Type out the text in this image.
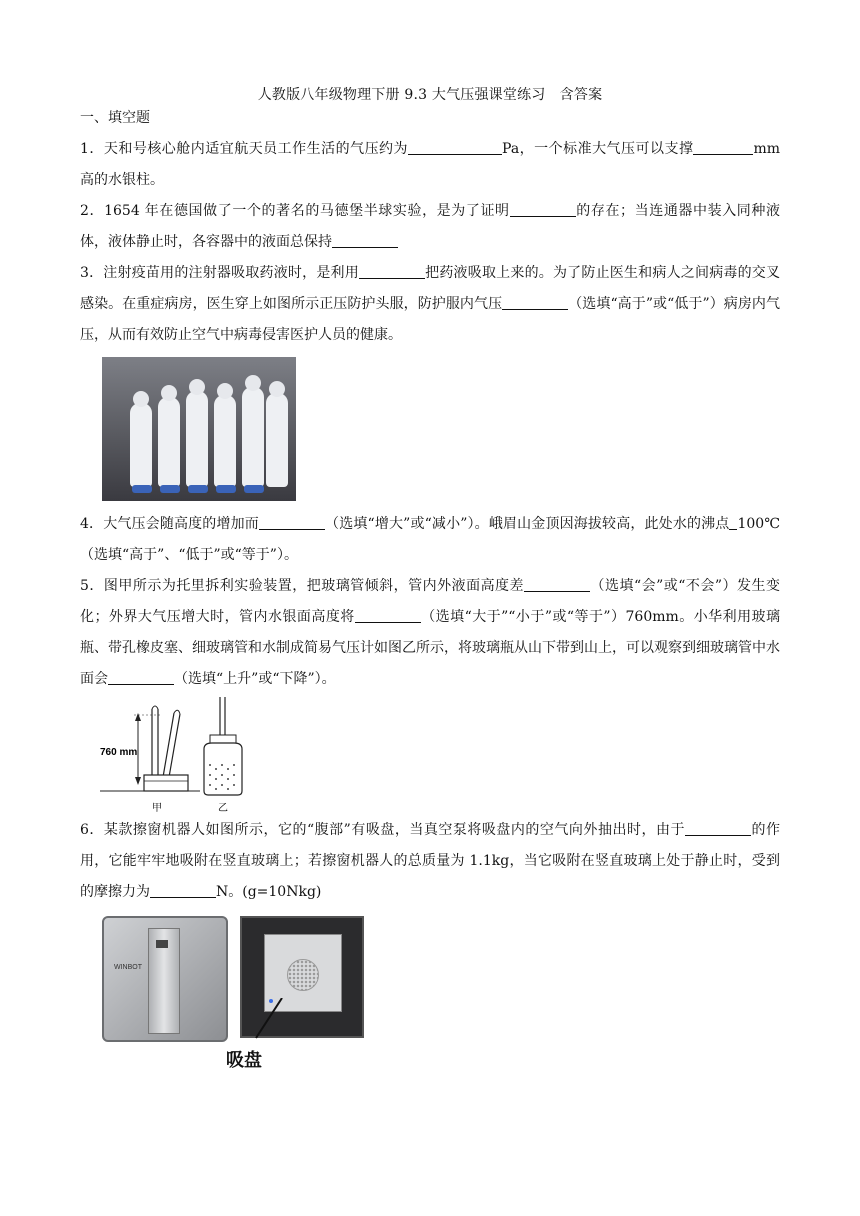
人教版八年级物理下册 9.3 大气压强课堂练习　含答案

一、填空题

1．天和号核心舱内适宜航天员工作生活的气压约为	Pa，一个标准大气压可以支撑	mm 高的水银柱。

2．1654 年在德国做了一个的著名的马德堡半球实验，是为了证明	的存在；当连通器中装入同种液体，液体静止时，各容器中的液面总保持

3．注射疫苗用的注射器吸取药液时，是利用	把药液吸取上来的。为了防止医生和病人之间病毒的交叉感染。在重症病房，医生穿上如图所示正压防护头服，防护服内气压	（选填“高于”或“低于”）病房内气压，从而有效防止空气中病毒侵害医护人员的健康。

4．大气压会随高度的增加而	（选填“增大”或“减小”）。峨眉山金顶因海拔较高，此处水的沸点 100℃（选填“高于”、“低于”或“等于”）。

5．图甲所示为托里拆利实验装置，把玻璃管倾斜，管内外液面高度差	（选填“会”或“不会”）发生变化；外界大气压增大时，管内水银面高度将	（选填“大于”“小于”或“等于”）760mm。小华利用玻璃瓶、带孔橡皮塞、细玻璃管和水制成简易气压计如图乙所示，将玻璃瓶从山下带到山上，可以观察到细玻璃管中水面会	（选填“上升”或“下降”）。

760 mm
甲	乙

6．某款擦窗机器人如图所示，它的“腹部”有吸盘，当真空泵将吸盘内的空气向外抽出时，由于	的作用，它能牢牢地吸附在竖直玻璃上；若擦窗机器人的总质量为 1.1kg，当它吸附在竖直玻璃上处于静止时，受到的摩擦力为	N。(g=10Nkg)

WINBOT
吸盘
